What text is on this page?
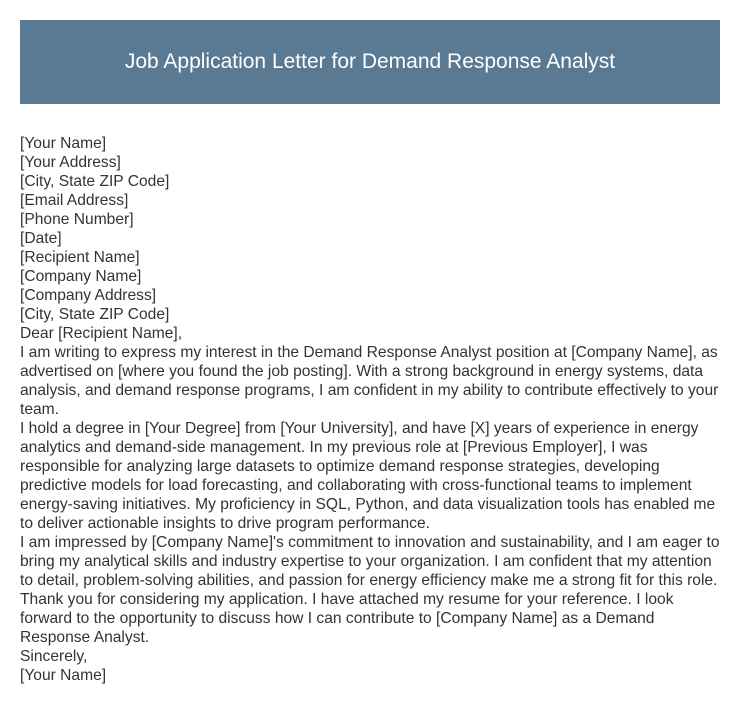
Job Application Letter for Demand Response Analyst
[Your Name]
[Your Address]
[City, State ZIP Code]
[Email Address]
[Phone Number]
[Date]
[Recipient Name]
[Company Name]
[Company Address]
[City, State ZIP Code]
Dear [Recipient Name],
I am writing to express my interest in the Demand Response Analyst position at [Company Name], as advertised on [where you found the job posting]. With a strong background in energy systems, data analysis, and demand response programs, I am confident in my ability to contribute effectively to your team.
I hold a degree in [Your Degree] from [Your University], and have [X] years of experience in energy analytics and demand-side management. In my previous role at [Previous Employer], I was responsible for analyzing large datasets to optimize demand response strategies, developing predictive models for load forecasting, and collaborating with cross-functional teams to implement energy-saving initiatives. My proficiency in SQL, Python, and data visualization tools has enabled me to deliver actionable insights to drive program performance.
I am impressed by [Company Name]'s commitment to innovation and sustainability, and I am eager to bring my analytical skills and industry expertise to your organization. I am confident that my attention to detail, problem-solving abilities, and passion for energy efficiency make me a strong fit for this role.
Thank you for considering my application. I have attached my resume for your reference. I look forward to the opportunity to discuss how I can contribute to [Company Name] as a Demand Response Analyst.
Sincerely,
[Your Name]
